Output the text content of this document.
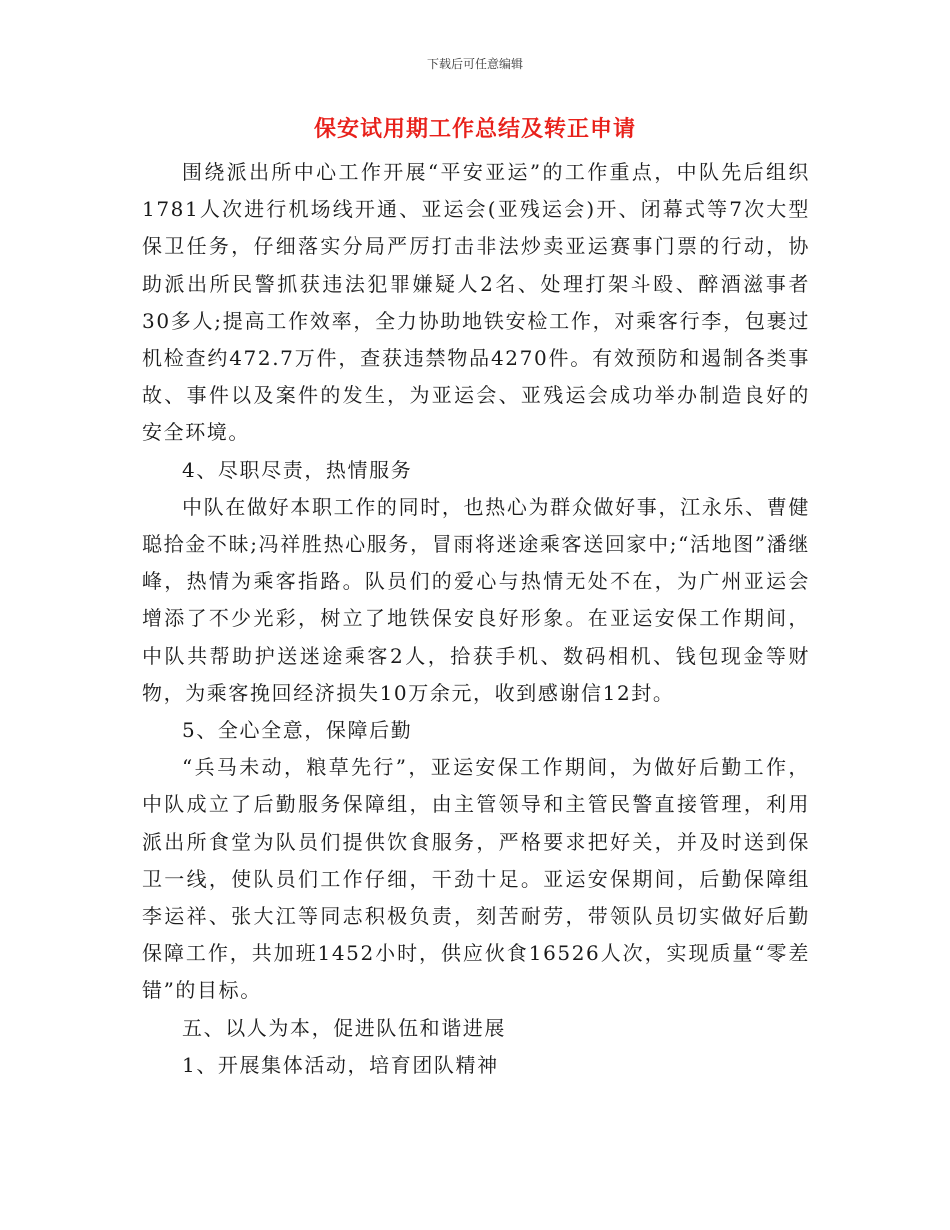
下载后可任意编辑
保安试用期工作总结及转正申请

围绕派出所中心工作开展“平安亚运”的工作重点，中队先后组织1781人次进行机场线开通、亚运会(亚残运会)开、闭幕式等7次大型保卫任务，仔细落实分局严厉打击非法炒卖亚运赛事门票的行动，协助派出所民警抓获违法犯罪嫌疑人2名、处理打架斗殴、醉酒滋事者30多人;提高工作效率，全力协助地铁安检工作，对乘客行李，包裹过机检查约472.7万件，查获违禁物品4270件。有效预防和遏制各类事故、事件以及案件的发生，为亚运会、亚残运会成功举办制造良好的安全环境。

4、尽职尽责，热情服务

中队在做好本职工作的同时，也热心为群众做好事，江永乐、曹健聪拾金不昧;冯祥胜热心服务，冒雨将迷途乘客送回家中;“活地图”潘继峰，热情为乘客指路。队员们的爱心与热情无处不在，为广州亚运会增添了不少光彩，树立了地铁保安良好形象。在亚运安保工作期间，中队共帮助护送迷途乘客2人，拾获手机、数码相机、钱包现金等财物，为乘客挽回经济损失10万余元，收到感谢信12封。

5、全心全意，保障后勤

“兵马未动，粮草先行”，亚运安保工作期间，为做好后勤工作，中队成立了后勤服务保障组，由主管领导和主管民警直接管理，利用派出所食堂为队员们提供饮食服务，严格要求把好关，并及时送到保卫一线，使队员们工作仔细，干劲十足。亚运安保期间，后勤保障组李运祥、张大江等同志积极负责，刻苦耐劳，带领队员切实做好后勤保障工作，共加班1452小时，供应伙食16526人次，实现质量“零差错”的目标。

五、以人为本，促进队伍和谐进展

1、开展集体活动，培育团队精神
